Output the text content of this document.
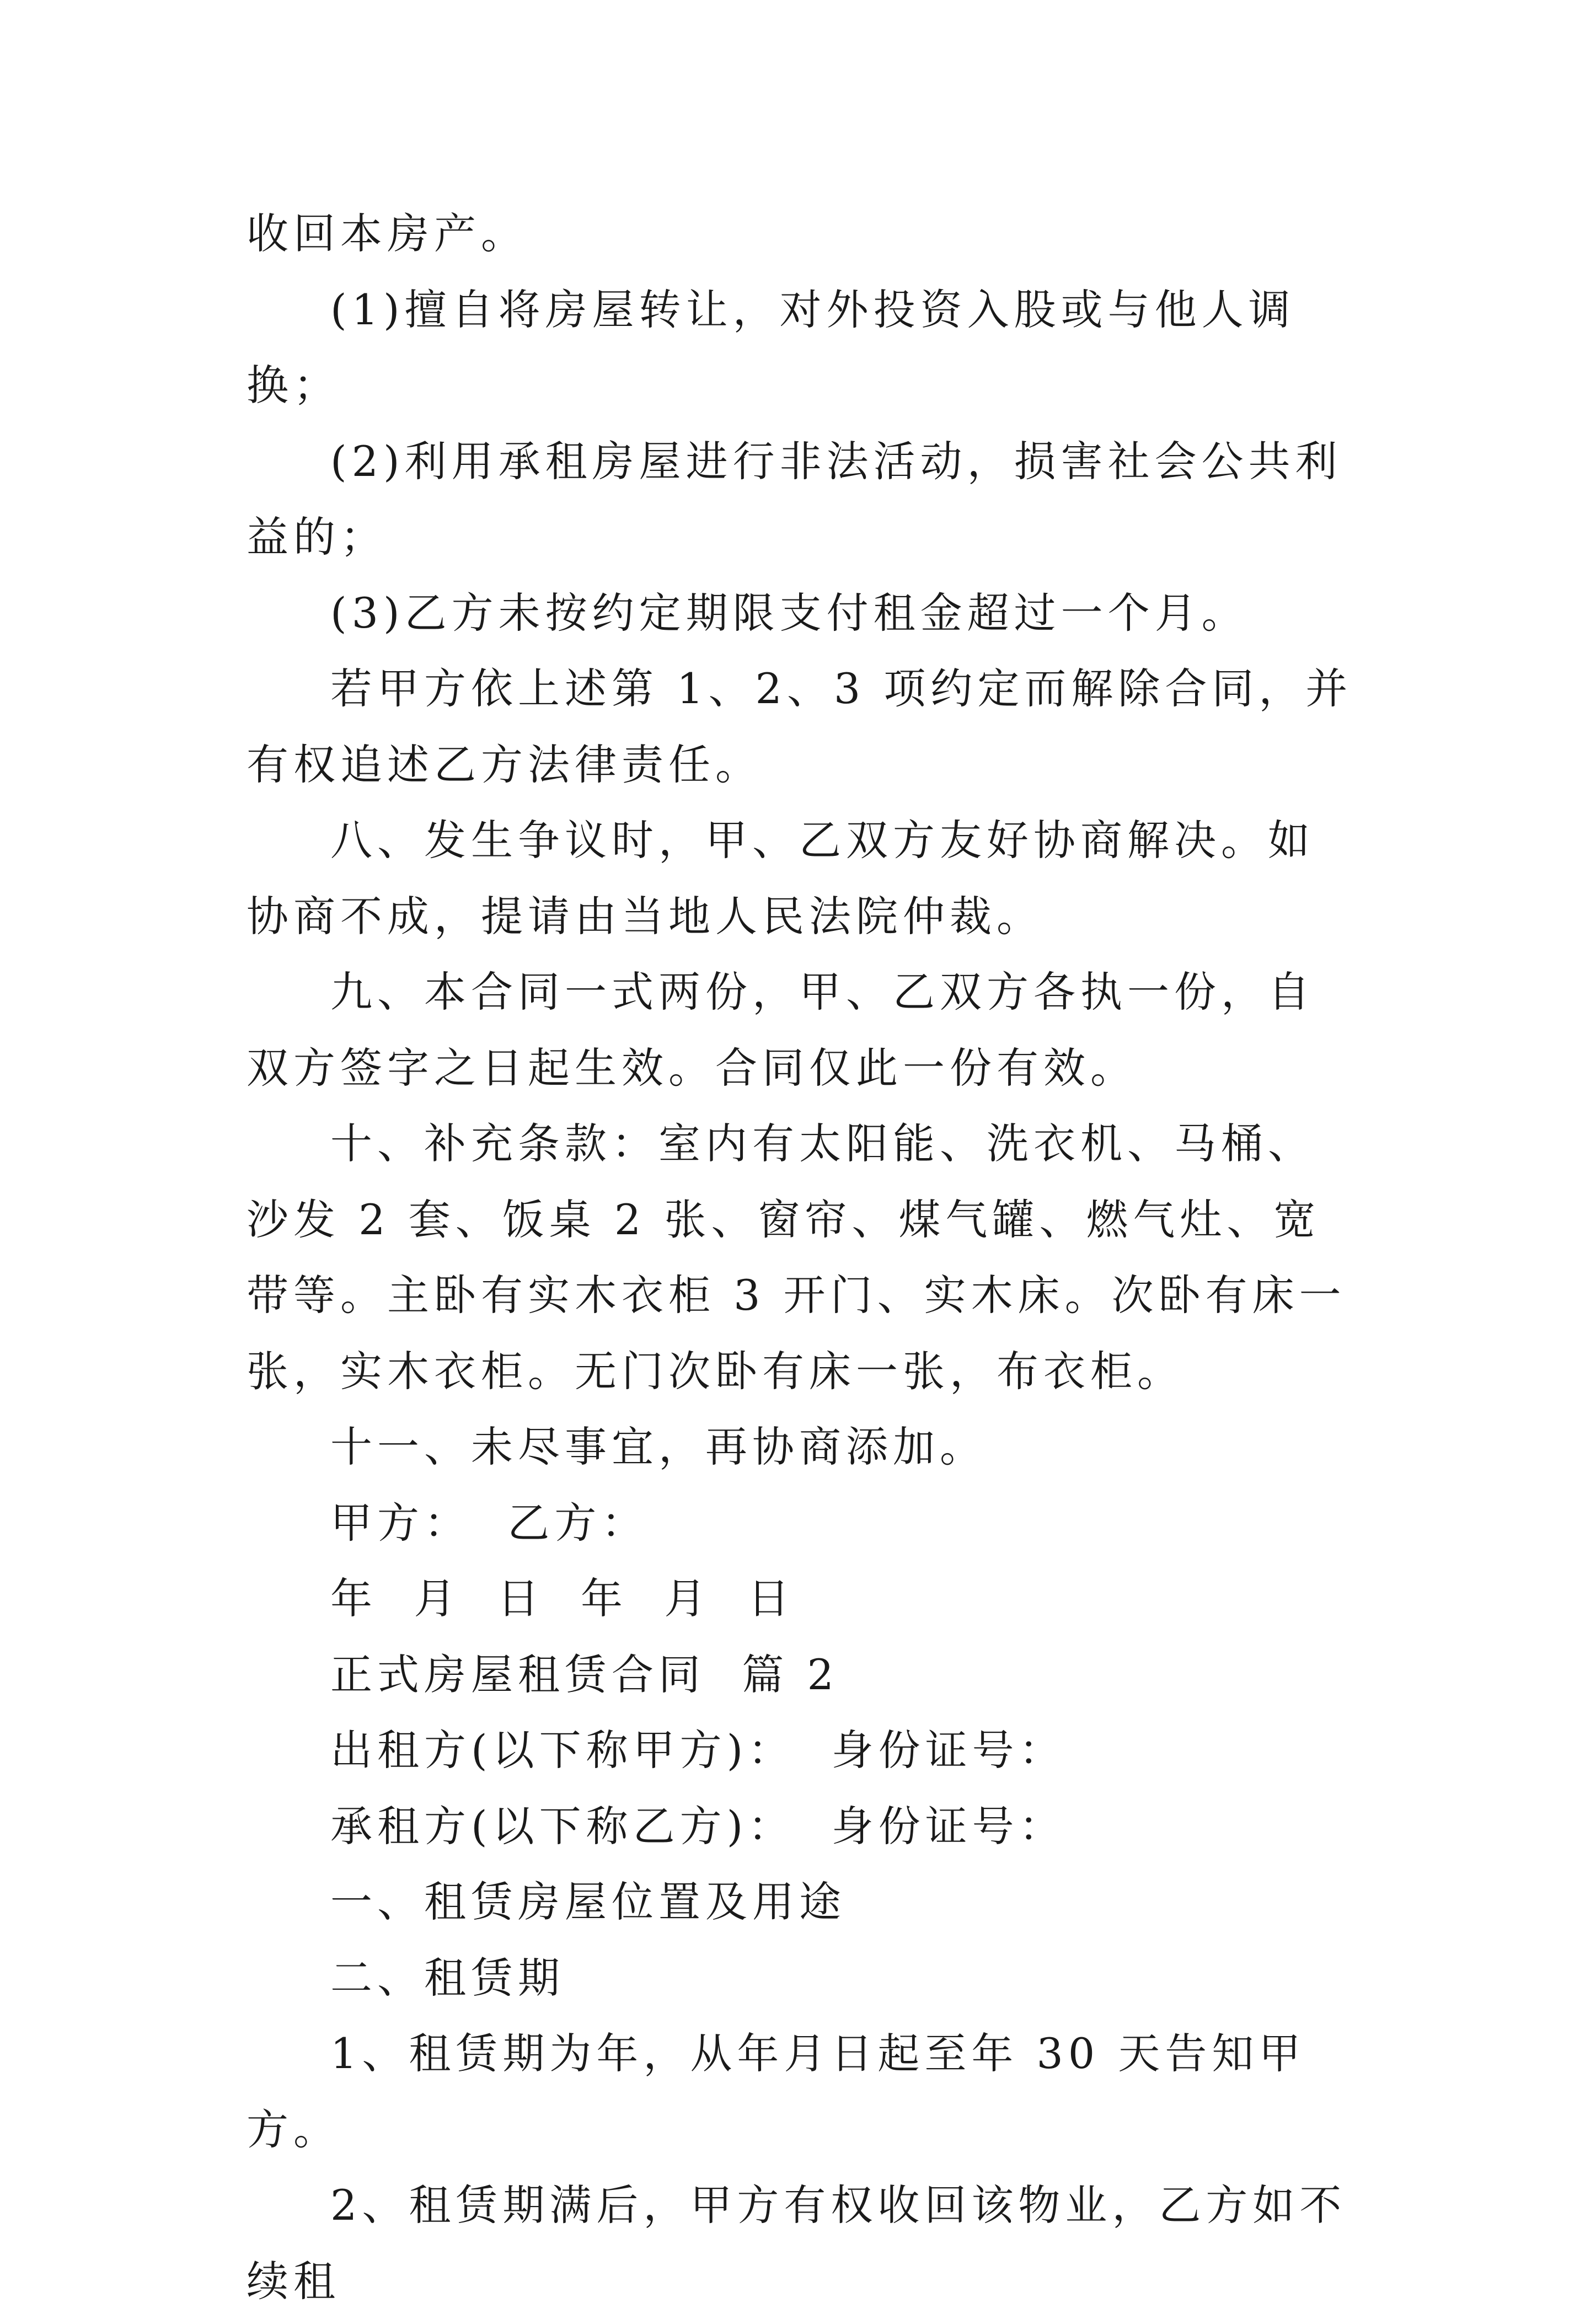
收回本房产。

(1)擅自将房屋转让，对外投资入股或与他人调换；

(2)利用承租房屋进行非法活动，损害社会公共利益的；

(3)乙方未按约定期限支付租金超过一个月。

若甲方依上述第 1、2、3 项约定而解除合同，并有权追述乙方法律责任。

八、发生争议时，甲、乙双方友好协商解决。如协商不成，提请由当地人民法院仲裁。

九、本合同一式两份，甲、乙双方各执一份，自双方签字之日起生效。合同仅此一份有效。

十、补充条款：室内有太阳能、洗衣机、马桶、沙发 2 套、饭桌 2 张、窗帘、煤气罐、燃气灶、宽带等。主卧有实木衣柜 3 开门、实木床。次卧有床一张，实木衣柜。无门次卧有床一张，布衣柜。

十一、未尽事宜，再协商添加。

甲方：  乙方：

年  月  日  年  月  日

正式房屋租赁合同  篇 2

出租方(以下称甲方)：  身份证号：

承租方(以下称乙方)：  身份证号：

一、租赁房屋位置及用途

二、租赁期

1、租赁期为年，从年月日起至年 30 天告知甲方。

2、租赁期满后，甲方有权收回该物业，乙方如不续租
